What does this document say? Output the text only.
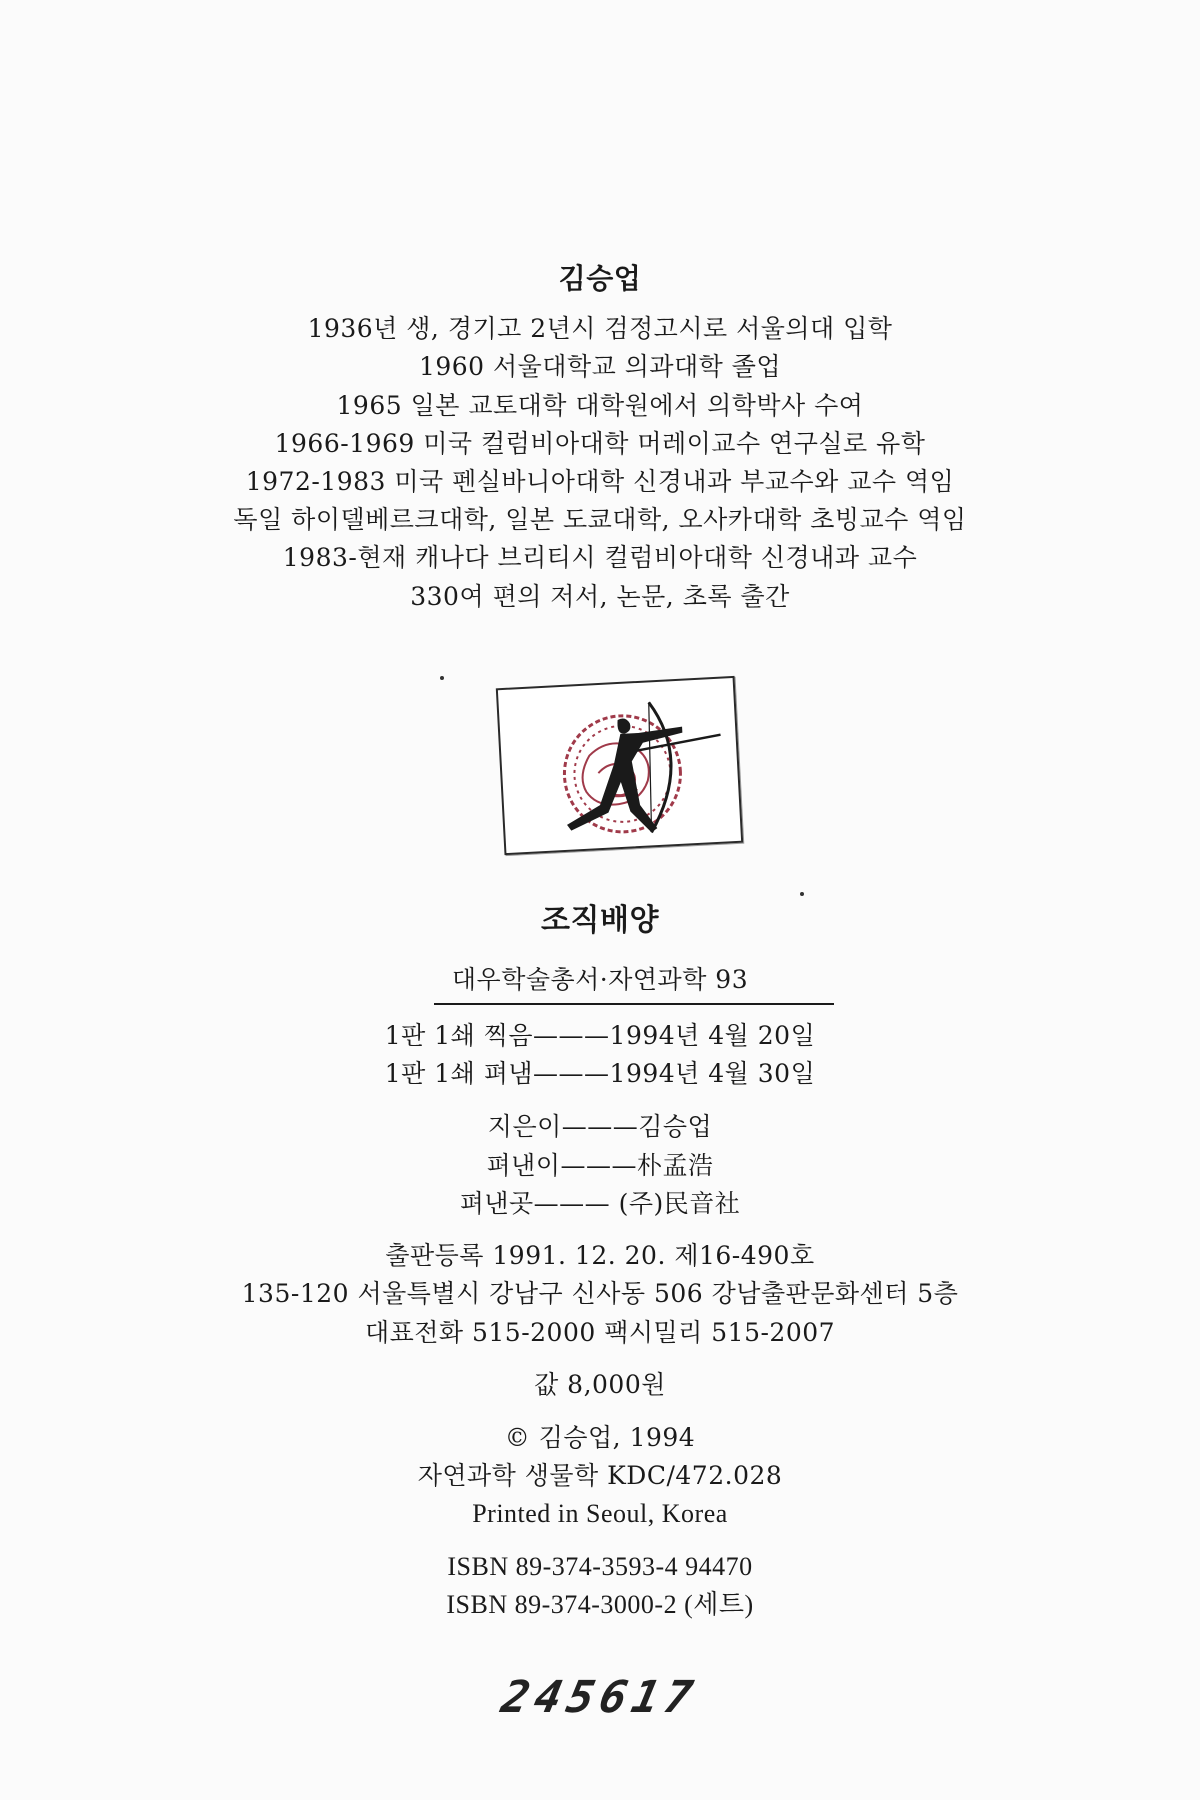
김승업
1936년 생, 경기고 2년시 검정고시로 서울의대 입학
1960 서울대학교 의과대학 졸업
1965 일본 교토대학 대학원에서 의학박사 수여
1966-1969 미국 컬럼비아대학 머레이교수 연구실로 유학
1972-1983 미국 펜실바니아대학 신경내과 부교수와 교수 역임
독일 하이델베르크대학, 일본 도쿄대학, 오사카대학 초빙교수 역임
1983-현재 캐나다 브리티시 컬럼비아대학 신경내과 교수
330여 편의 저서, 논문, 초록 출간
조직배양
대우학술총서·자연과학 93
1판 1쇄 찍음———1994년 4월 20일
1판 1쇄 펴냄———1994년 4월 30일
지은이———김승업
펴낸이———朴孟浩
펴낸곳——— (주)民音社
출판등록 1991. 12. 20. 제16-490호
135-120 서울특별시 강남구 신사동 506 강남출판문화센터 5층
대표전화 515-2000 팩시밀리 515-2007
값 8,000원
© 김승업, 1994
자연과학 생물학 KDC/472.028
Printed in Seoul, Korea
ISBN 89-374-3593-4 94470
ISBN 89-374-3000-2 (세트)
245617
